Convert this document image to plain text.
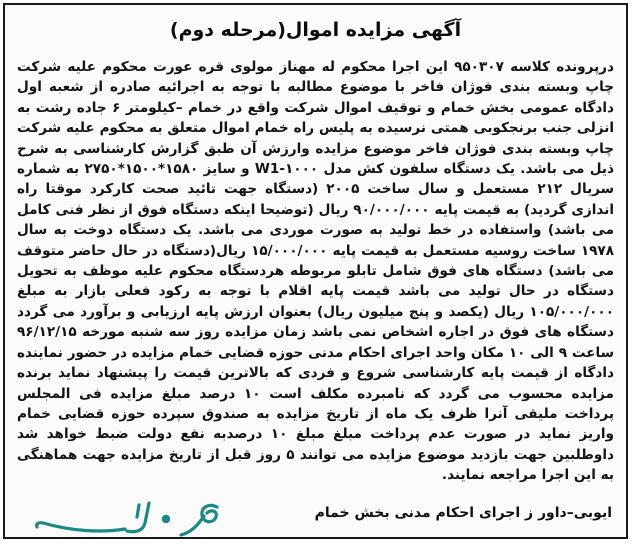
آگهی مزایده اموال(مرحله دوم)

درپرونده کلاسه ۹۵۰۳۰۷ این اجرا محکوم له مهناز مولوی قره عورت محکوم علیه شرکت چاپ وبسته بندی فوژان فاخر با موضوع مطالبه با توجه به اجرائیه صادره از شعبه اول دادگاه عمومی بخش خمام و توقیف اموال شرکت واقع در خمام –کیلومتر ۶ جاده رشت به انزلی جنب برنجکوبی همتی نرسیده به پلیس راه خمام اموال متعلق به محکوم علیه شرکت چاپ وبسته بندی فوژان فاخر موضوع مزایده وارزش آن طبق گزارش کارشناسی به شرح ذیل می باشد. یک دستگاه سلفون کش مدل W1-۱۰۰۰ و سایز ۱۵۸۰*۱۵۰۰*۲۷۵۰ به شماره سریال ۲۱۲ مستعمل و سال ساخت ۲۰۰۵ (دستگاه جهت تائید صحت کارکرد موقتا راه اندازی گردید) به قیمت پایه ۹۰/۰۰۰/۰۰۰ ریال (توضیحا اینکه دستگاه فوق از نظر فنی کامل می باشد) واستفاده در خط تولید به صورت موردی می باشد. یک دستگاه دوخت به سال ۱۹۷۸ ساخت روسیه مستعمل به قیمت پایه ۱۵/۰۰۰/۰۰۰ ریال(دستگاه در حال حاضر متوقف می باشد) دستگاه های فوق شامل تابلو مربوطه هردستگاه محکوم علیه موظف به تحویل دستگاه در حال تولید می باشد قیمت پایه اقلام با توجه به رکود فعلی بازار به مبلغ ۱۰۵/۰۰۰/۰۰۰ ریال (یکصد و پنج میلیون ریال) بعنوان ارزش پایه ارزیابی و برآورد می گردد دستگاه های فوق در اجاره اشخاص نمی باشد زمان مزایده روز سه شنبه مورخه ۹۶/۱۲/۱۵ ساعت ۹ الی ۱۰ مکان واحد اجرای احکام مدنی حوزه قضایی خمام مزایده در حضور نماینده دادگاه از قیمت پایه کارشناسی شروع و فردی که بالاترین قیمت را پیشنهاد نماید برنده مزایده محسوب می گردد که نامبرده مکلف است ۱۰ درصد مبلغ مزایده فی المجلس پرداخت ملیقی آنرا ظرف یک ماه از تاریخ مزایده به صندوق سپرده حوزه قضایی خمام واریز نماید در صورت عدم پرداخت مبلغ مبلغ ۱۰ درصدبه نفع دولت ضبط خواهد شد داوطلبین جهت بازدید موضوع مزایده می توانند ۵ روز قبل از تاریخ مزایده جهت هماهنگی به این اجرا مراجعه نمایند.

ایوبی–داور ز اجرای احکام مدنی بخش خمام
